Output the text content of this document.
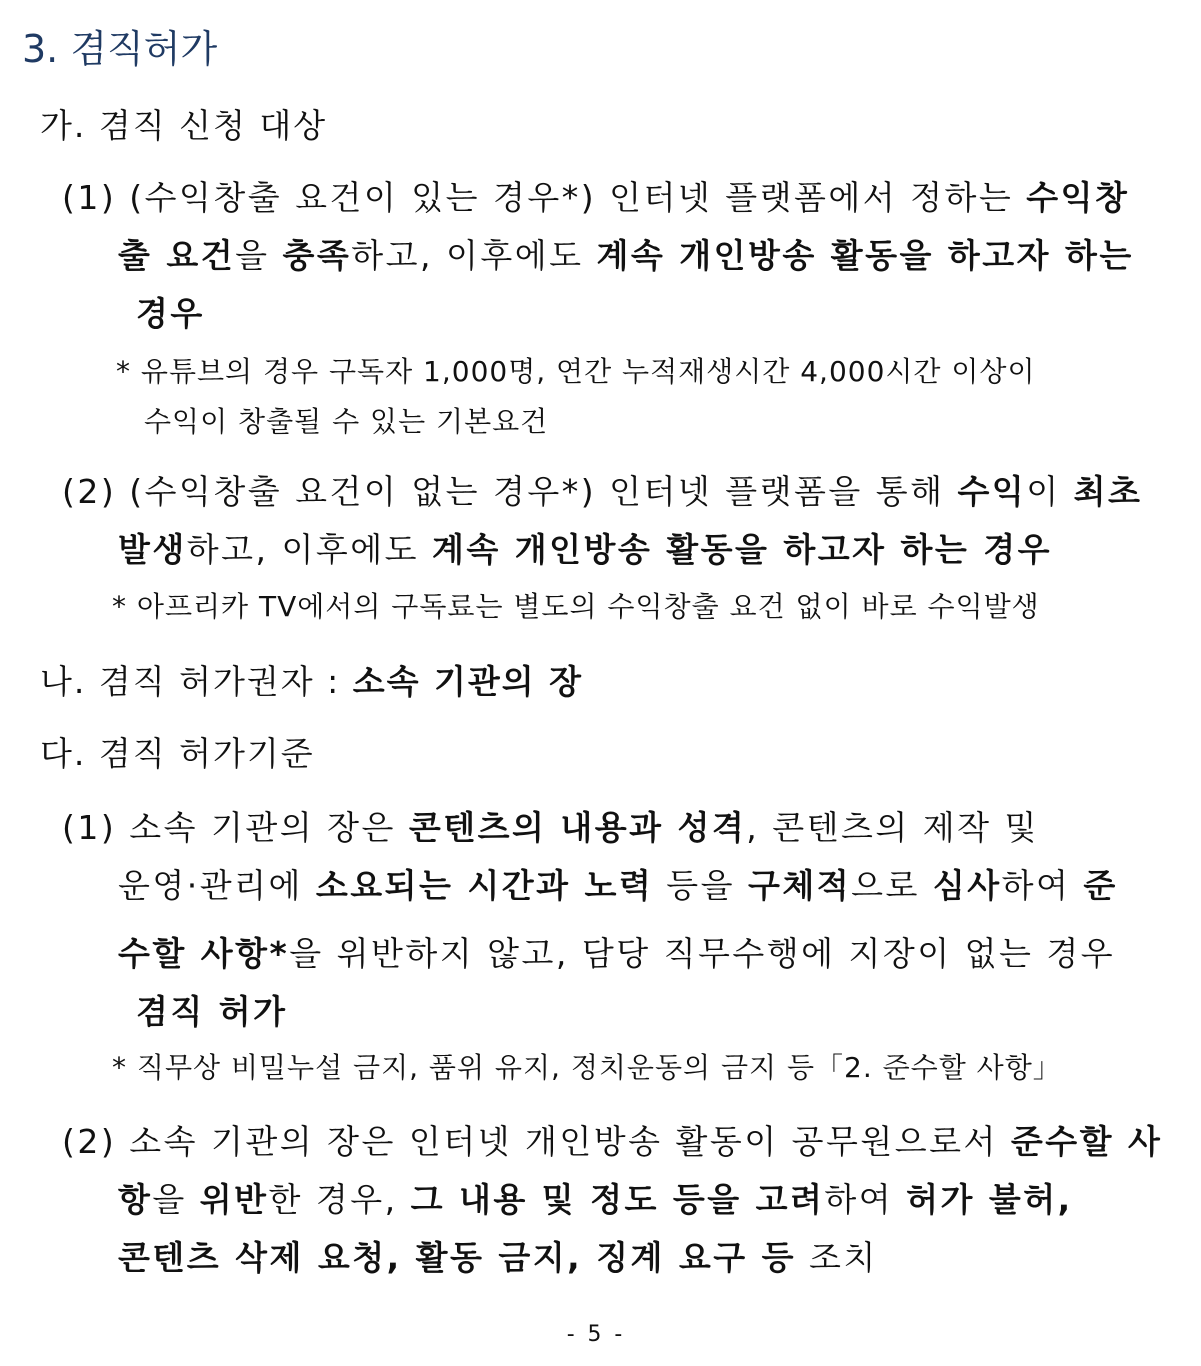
3. 겸직허가

가. 겸직 신청 대상

(1) (수익창출 요건이 있는 경우*) 인터넷 플랫폼에서 정하는 수익창

출 요건을 충족하고, 이후에도 계속 개인방송 활동을 하고자 하는

경우

* 유튜브의 경우 구독자 1,000명, 연간 누적재생시간 4,000시간 이상이

수익이 창출될 수 있는 기본요건

(2) (수익창출 요건이 없는 경우*) 인터넷 플랫폼을 통해 수익이 최초

발생하고, 이후에도 계속 개인방송 활동을 하고자 하는 경우

* 아프리카 TV에서의 구독료는 별도의 수익창출 요건 없이 바로 수익발생

나. 겸직 허가권자 : 소속 기관의 장

다. 겸직 허가기준

(1) 소속 기관의 장은 콘텐츠의 내용과 성격, 콘텐츠의 제작 및

운영·관리에 소요되는 시간과 노력 등을 구체적으로 심사하여 준

수할 사항*을 위반하지 않고, 담당 직무수행에 지장이 없는 경우

겸직 허가

* 직무상 비밀누설 금지, 품위 유지, 정치운동의 금지 등「2. 준수할 사항」

(2) 소속 기관의 장은 인터넷 개인방송 활동이 공무원으로서 준수할 사

항을 위반한 경우, 그 내용 및 정도 등을 고려하여 허가 불허,

콘텐츠 삭제 요청, 활동 금지, 징계 요구 등 조치

- 5 -
